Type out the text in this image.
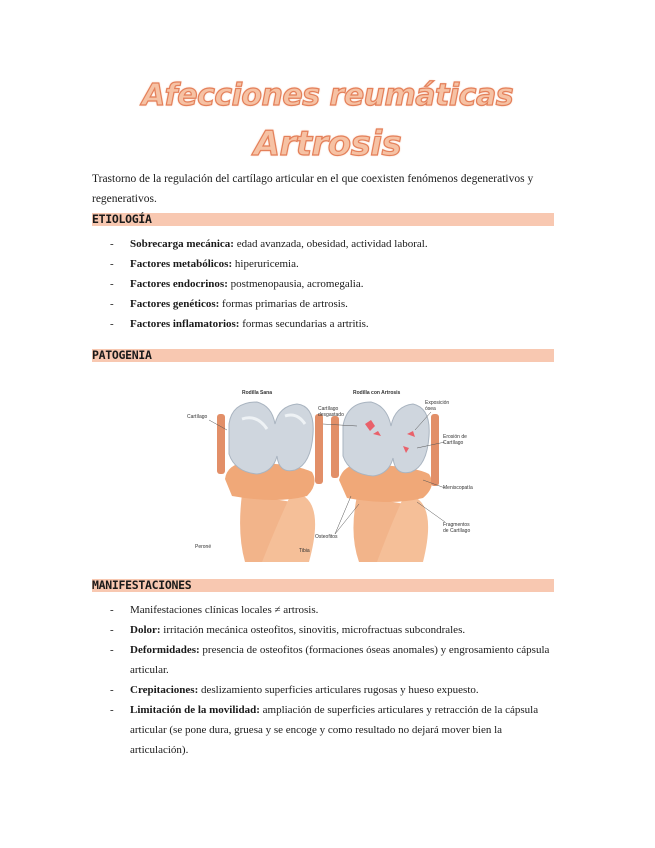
Afecciones reumáticas
Artrosis
Trastorno de la regulación del cartílago articular en el que coexisten fenómenos degenerativos y regenerativos.
ETIOLOGÍA
- Sobrecarga mecánica: edad avanzada, obesidad, actividad laboral.
- Factores metabólicos: hiperuricemia.
- Factores endocrinos: postmenopausia, acromegalia.
- Factores genéticos: formas primarias de artrosis.
- Factores inflamatorios: formas secundarias a artritis.
PATOGENIA
Rodilla Sana	Rodilla con Artrosis
Cartílago
Cartílago desgastado
Exposición ósea
Erosión de Cartílago
Meniscopatía
Fragmentos de Cartílago
Peroné
Tibia
Osteofitos
MANIFESTACIONES
- Manifestaciones clínicas locales ≠ artrosis.
- Dolor: irritación mecánica osteofitos, sinovitis, microfractuas subcondrales.
- Deformidades: presencia de osteofitos (formaciones óseas anomales) y engrosamiento cápsula articular.
- Crepitaciones: deslizamiento superficies articulares rugosas y hueso expuesto.
- Limitación de la movilidad: ampliación de superficies articulares y retracción de la cápsula articular (se pone dura, gruesa y se encoge y como resultado no dejará mover bien la articulación).
